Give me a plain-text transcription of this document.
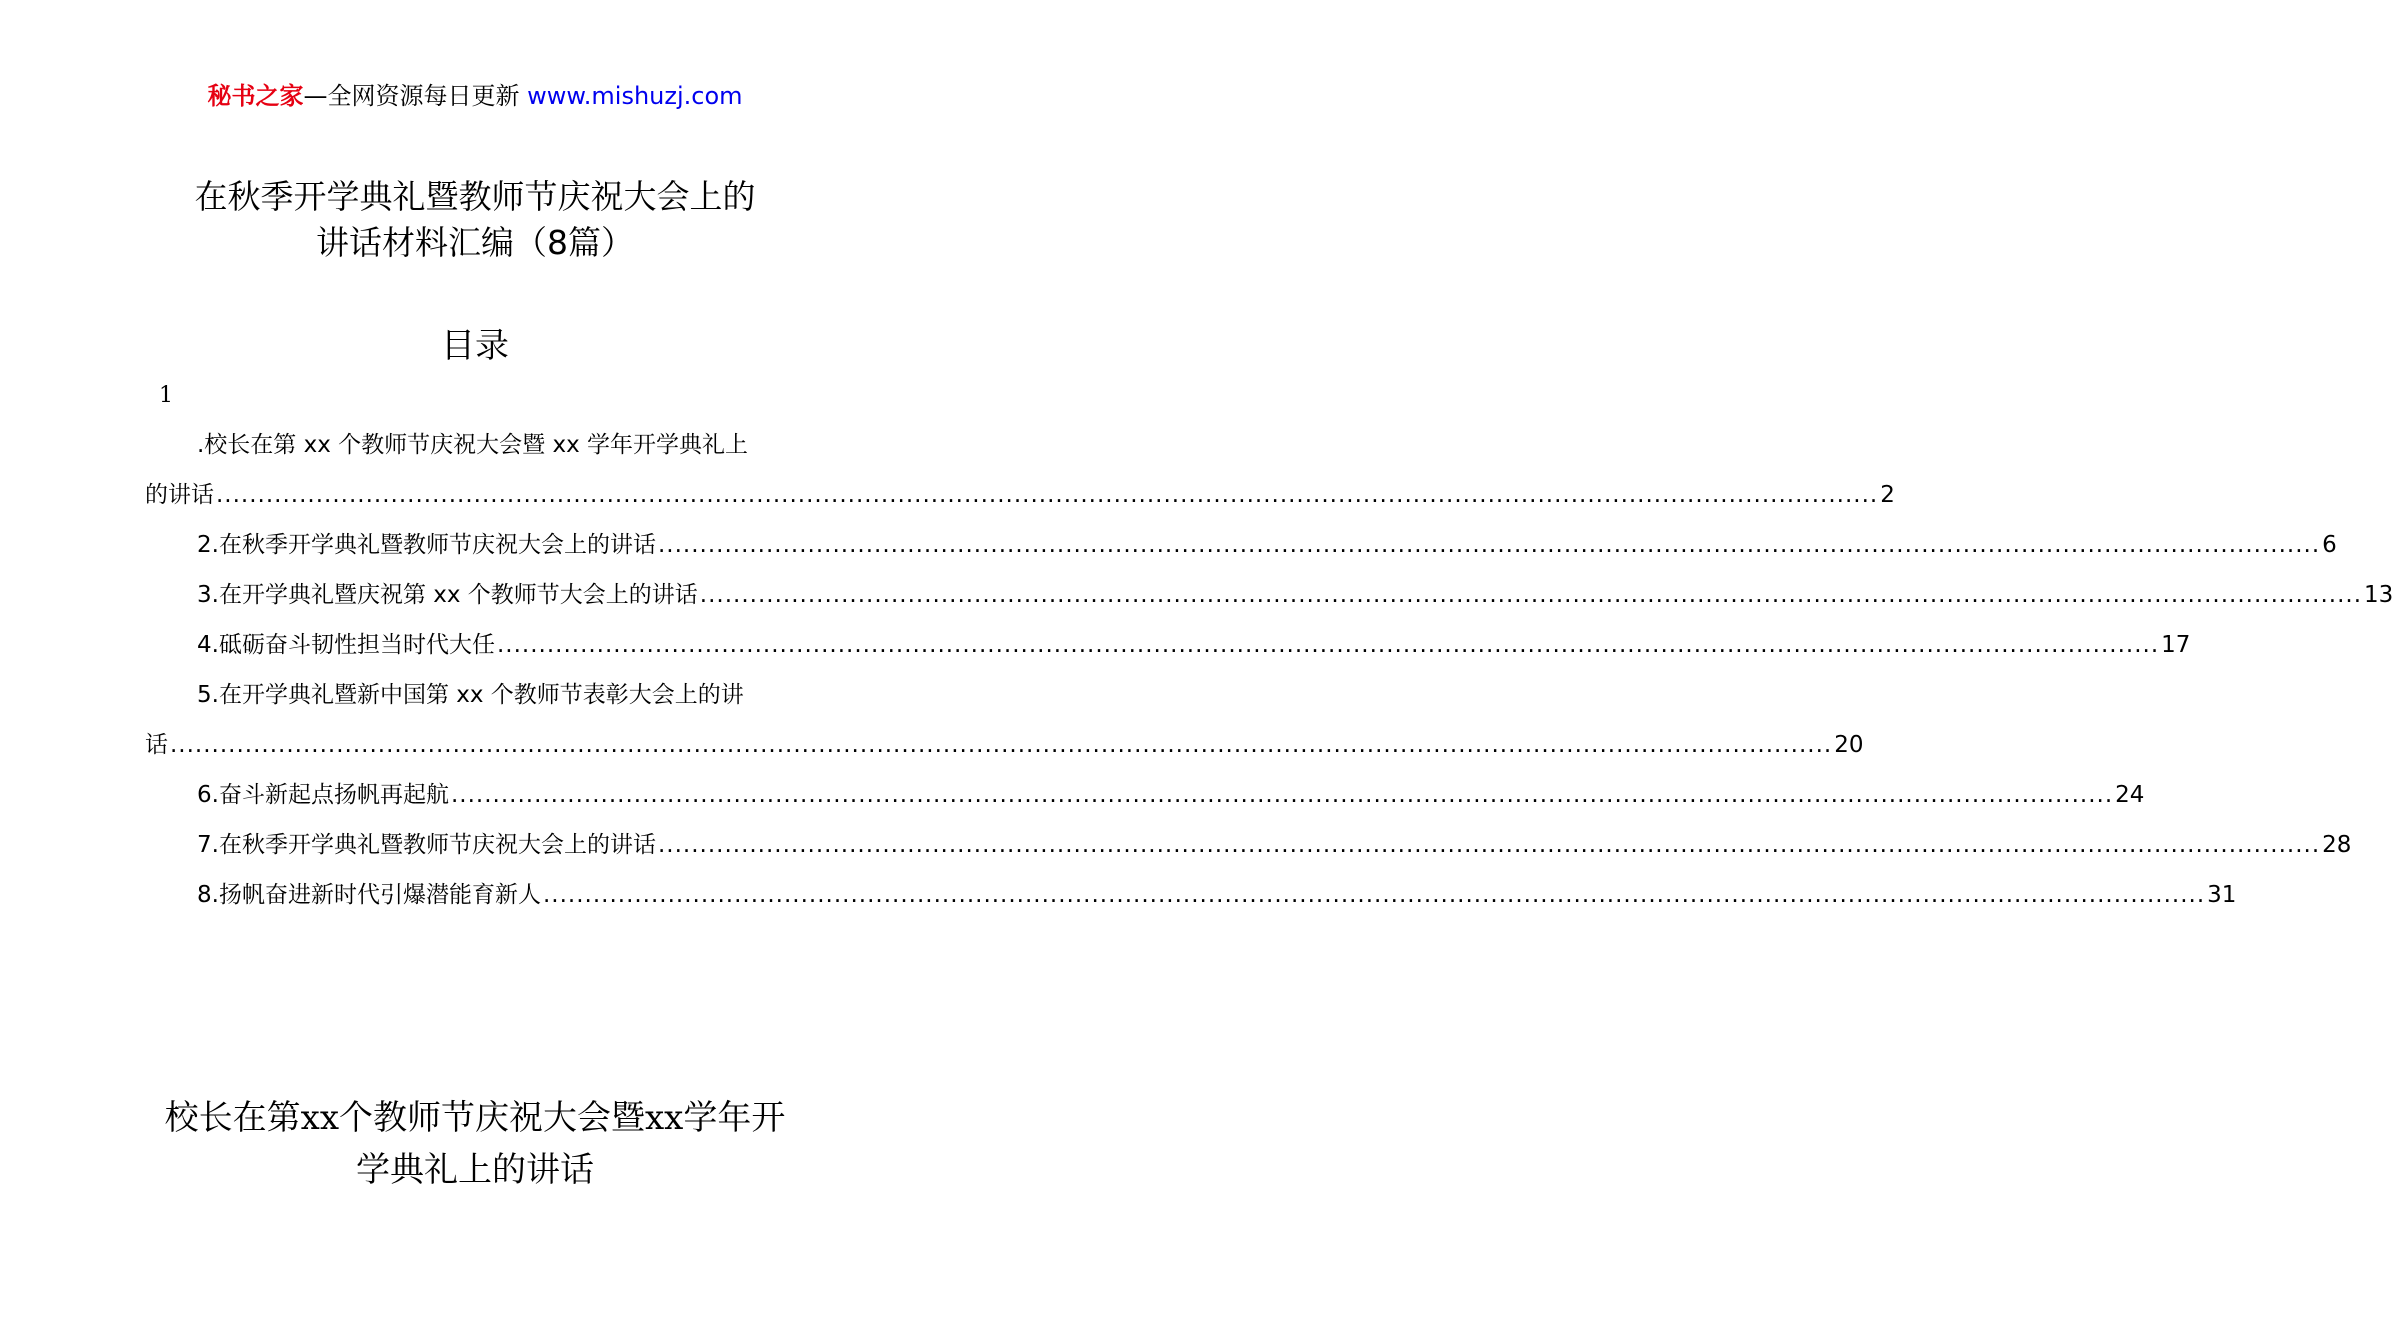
秘书之家—全网资源每日更新 www.mishuzj.com
在秋季开学典礼暨教师节庆祝大会上的
讲话材料汇编（8篇）
目录
1
.校长在第 xx 个教师节庆祝大会暨 xx 学年开学典礼上
的讲话 ........................................................................................................................................................................................................ 2
2.在秋季开学典礼暨教师节庆祝大会上的讲话 ........................................................................................................................................................................................................ 6
3.在开学典礼暨庆祝第 xx 个教师节大会上的讲话 ........................................................................................................................................................................................................ 13
4.砥砺奋斗韧性担当时代大任 ........................................................................................................................................................................................................ 17
5.在开学典礼暨新中国第 xx 个教师节表彰大会上的讲
话 ........................................................................................................................................................................................................ 20
6.奋斗新起点扬帆再起航 ........................................................................................................................................................................................................ 24
7.在秋季开学典礼暨教师节庆祝大会上的讲话 ........................................................................................................................................................................................................ 28
8.扬帆奋进新时代引爆潜能育新人 ........................................................................................................................................................................................................ 31
校长在第xx个教师节庆祝大会暨xx学年开
学典礼上的讲话
